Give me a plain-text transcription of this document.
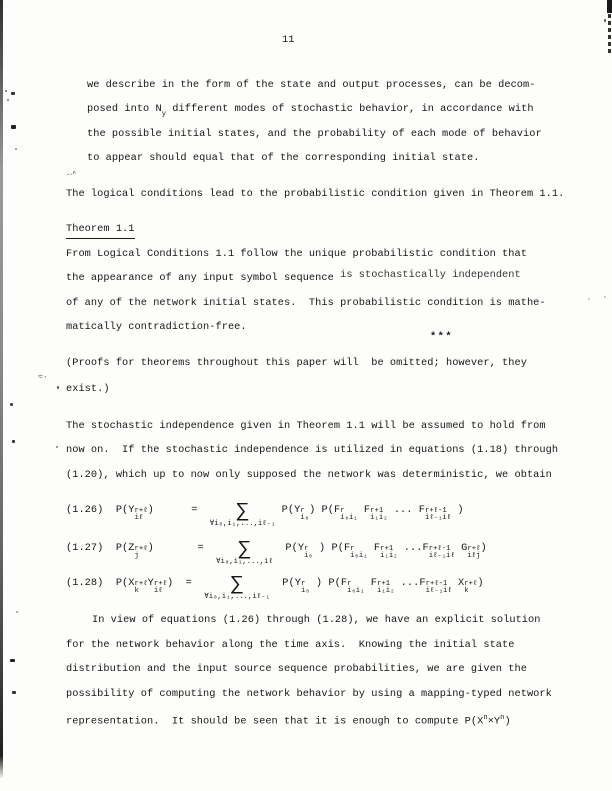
11
we describe in the form of the state and output processes, can be decom-
posed into $N_y$ different modes of stochastic behavior, in accordance with
the possible initial states, and the probability of each mode of behavior
to appear should equal that of the corresponding initial state.
--^
The logical conditions lead to the probabilistic condition given in Theorem 1.1.
Theorem 1.1
From Logical Conditions 1.1 follow the unique probabilistic condition that
the appearance of any input symbol sequence is stochastically independent
of any of the network initial states.  This probabilistic condition is mathe-
matically contradiction-free.
***
(Proofs for theorems throughout this paper will  be omitted; however, they
≈·
exist.)
The stochastic independence given in Theorem 1.1 will be assumed to hold from
now on.  If the stochastic independence is utilized in equations (1.18) through
(1.20), which up to now only supposed the network was deterministic, we obtain
(1.26)  P(Y r+ℓ
iℓ
)      =	∑
∀i₀,i₁,...,iℓ₋₁
P(Y r
i₀
) P(F r
i₀i₁
F r+1
i₁i₂
... F r+ℓ-1
iℓ₋₁iℓ
)
(1.27)  P(Z r+ℓ
j
)       =	∑
∀i₀,i₁,...,iℓ
P(Y r
i₀
) P(F r
i₀i₁
F r+1
i₁i₂
...F r+ℓ-1
iℓ₋₁iℓ
G r+ℓ
iℓj
)
(1.28)  P(X r+ℓ
k
Y r+ℓ
iℓ
)  =	∑
∀i₀,i₁,...,iℓ₋₁
P(Y r
i₀
) P(F r
i₀i₁
F r+1
i₁i₂
...F r+ℓ-1
iℓ₋₁iℓ
X r+ℓ
k
)
In view of equations (1.26) through (1.28), we have an explicit solution
for the network behavior along the time axis.  Knowing the initial state
distribution and the input source sequence probabilities, we are given the
possibility of computing the network behavior by using a mapping-typed network
representation.  It should be seen that it is enough to compute $P(X^n\times Y^n)$
